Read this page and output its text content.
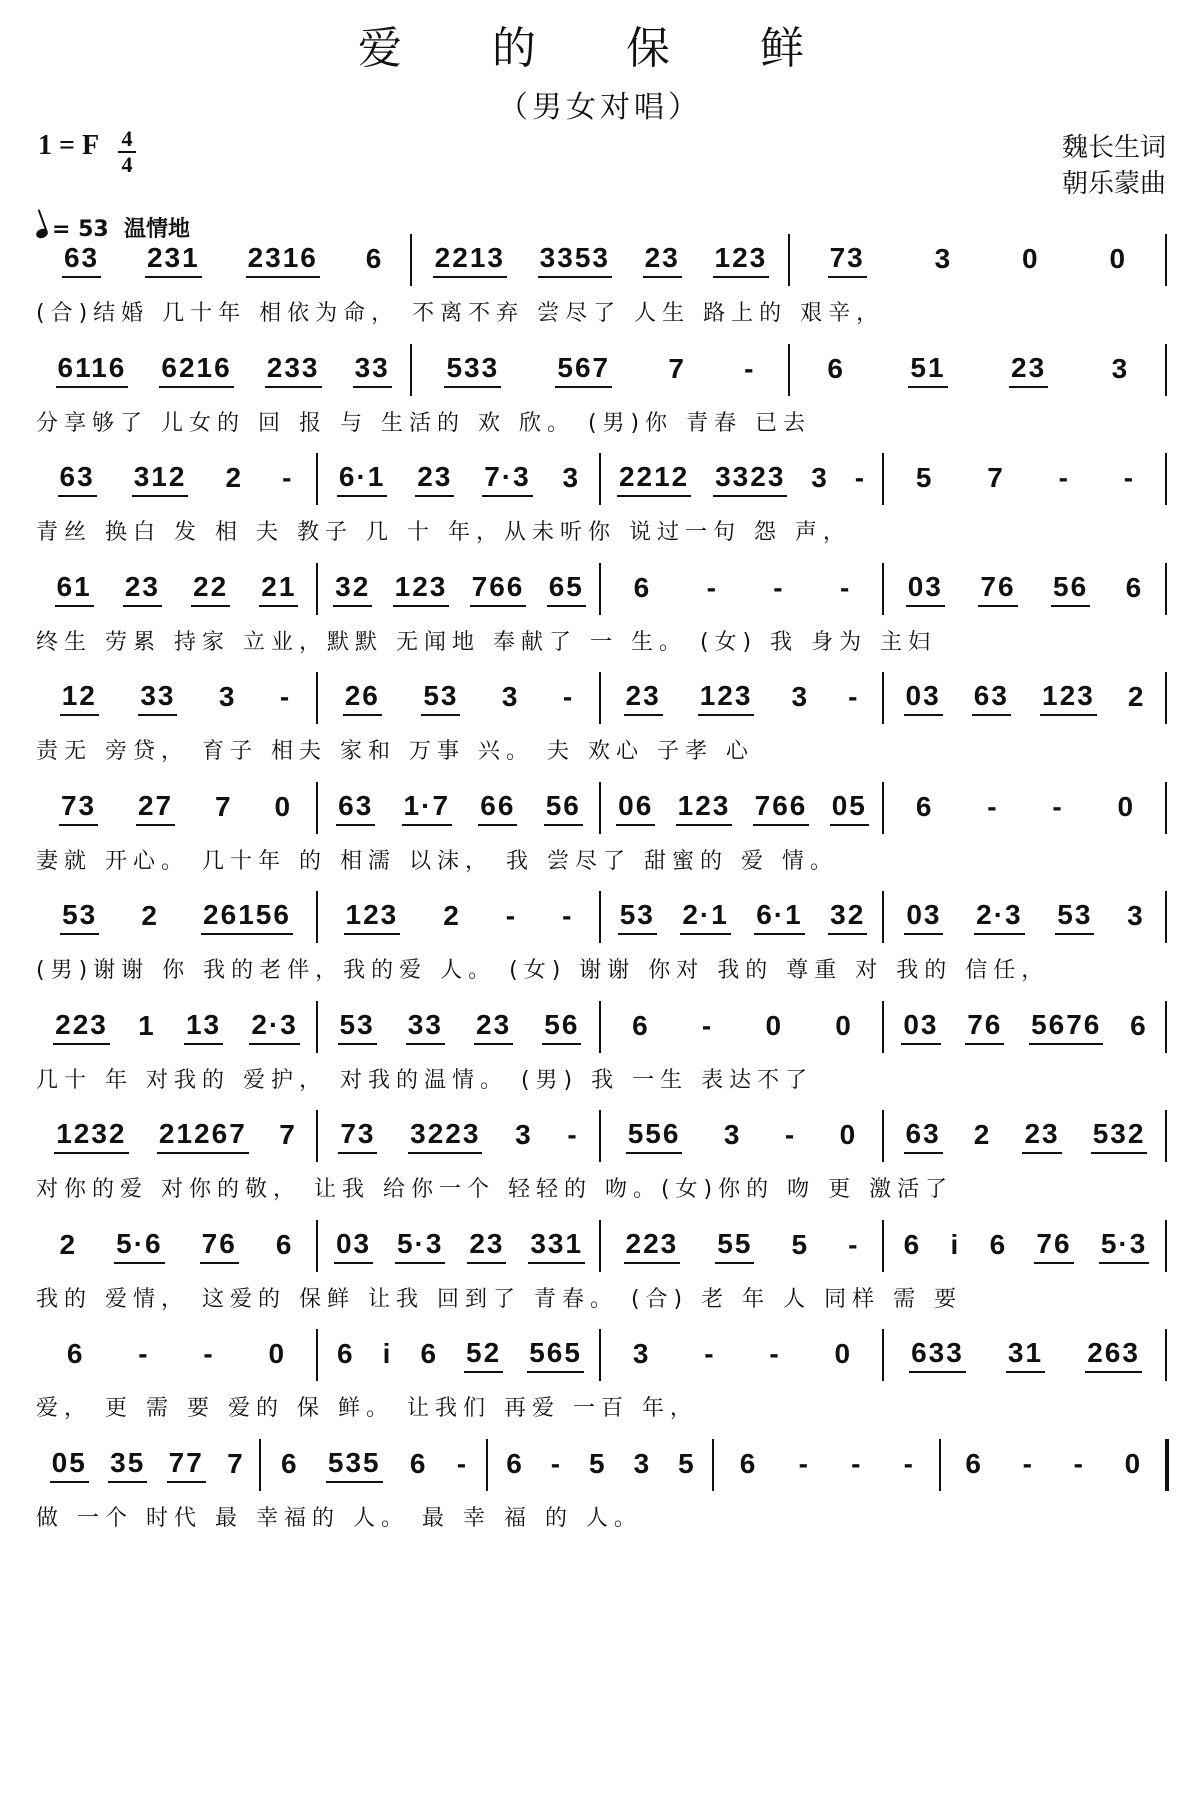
爱 的 保 鲜
（男女对唱）
1 = F 4
4
魏长生词
朝乐蒙曲
= 53 温情地
63 231 2316 6 2213 3353 23 123 73 3 0 0
(合)结婚 几十年 相依为命， 不离不弃 尝尽了 人生 路上的 艰辛，
6116 6216 233 33 533 567 7 -	6 51 23 3
分享够了 儿女的 回 报 与 生活的 欢 欣。 (男)你 青春 已去
63 312 2 - 6·1 23 7·3 3 2212 3323 3 - 5 7 - -
青丝 换白 发 相 夫 教子 几 十 年，从未听你 说过一句 怨 声，
61 23 22 21 32 123 766 65 6 - - - 03 76 56 6
终生 劳累 持家 立业，默默 无闻地 奉献了 一 生。 (女) 我 身为 主妇
12 33 3 - 26 53 3 - 23 123 3 - 03 63 123 2
责无 旁贷， 育子 相夫 家和 万事 兴。 夫 欢心 子孝 心
73 27 7 0 63 1·7 66 56 06 123 766 05 6 - - 0
妻就 开心。 几十年 的 相濡 以沫， 我 尝尽了 甜蜜的 爱 情。
53 2 26156 123 2 - - 53 2·1 6·1 32 03 2·3 53 3
(男)谢谢 你 我的老伴，我的爱 人。 (女) 谢谢 你对 我的 尊重 对 我的 信任，
223 1 13 2·3 53 33 23 56 6 - 0 0 03 76 5676 6
几十 年 对我的 爱护， 对我的温情。 (男) 我 一生 表达不了
1232 21267 7 73 3223 3 - 556 3 - 0 63 2 23 532
对你的爱 对你的敬， 让我 给你一个 轻轻的 吻。(女)你的 吻 更 激活了
2 5·6 76 6 03 5·3 23 331 223 55 5 - 6 i 6 76 5·3
我的 爱情， 这爱的 保鲜 让我 回到了 青春。 (合) 老 年 人 同样 需 要
6 - - 0 6 i 6 52 565 3 - - 0 633 31 263
爱， 更 需 要 爱的 保 鲜。 让我们 再爱 一百 年，
05 35 77 7 6 535 6 - 6 - 5 3 5 6 - - - 6 - - 0
做 一个 时代 最 幸福的 人。 最 幸 福 的 人。
